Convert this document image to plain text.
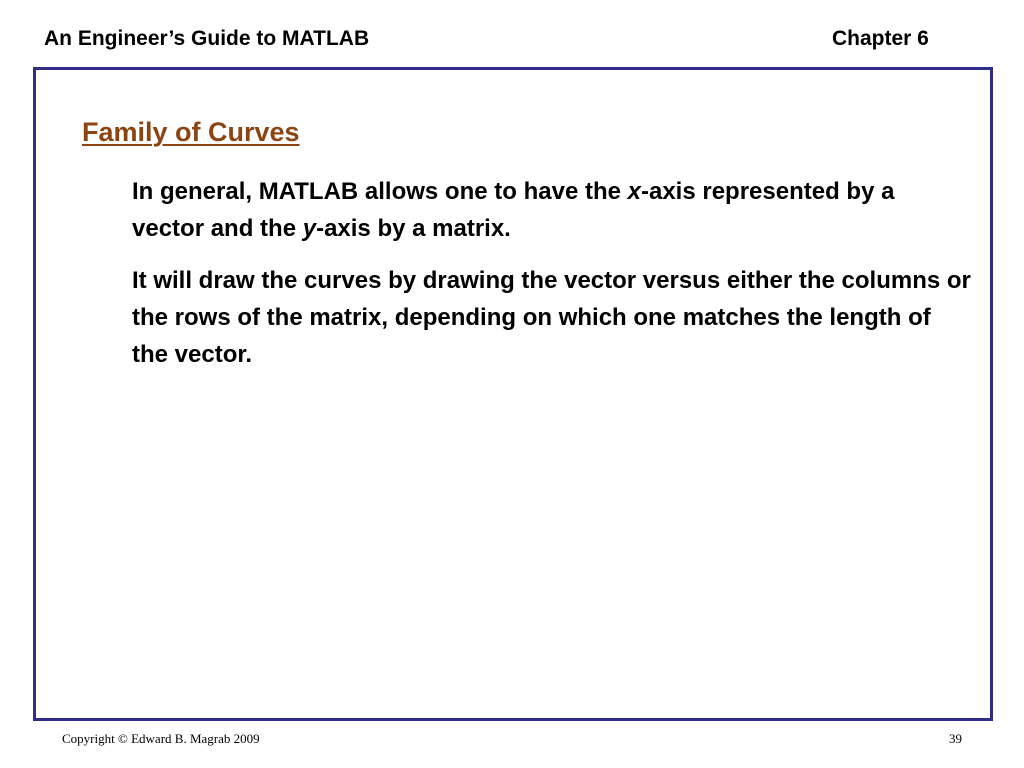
An Engineer’s Guide to MATLAB	Chapter 6
Family of Curves

In general, MATLAB allows one to have the x-axis represented by a vector and the y-axis by a matrix.

It will draw the curves by drawing the vector versus either the columns or the rows of the matrix, depending on which one matches the length of the vector.

Copyright © Edward B. Magrab 2009	39
